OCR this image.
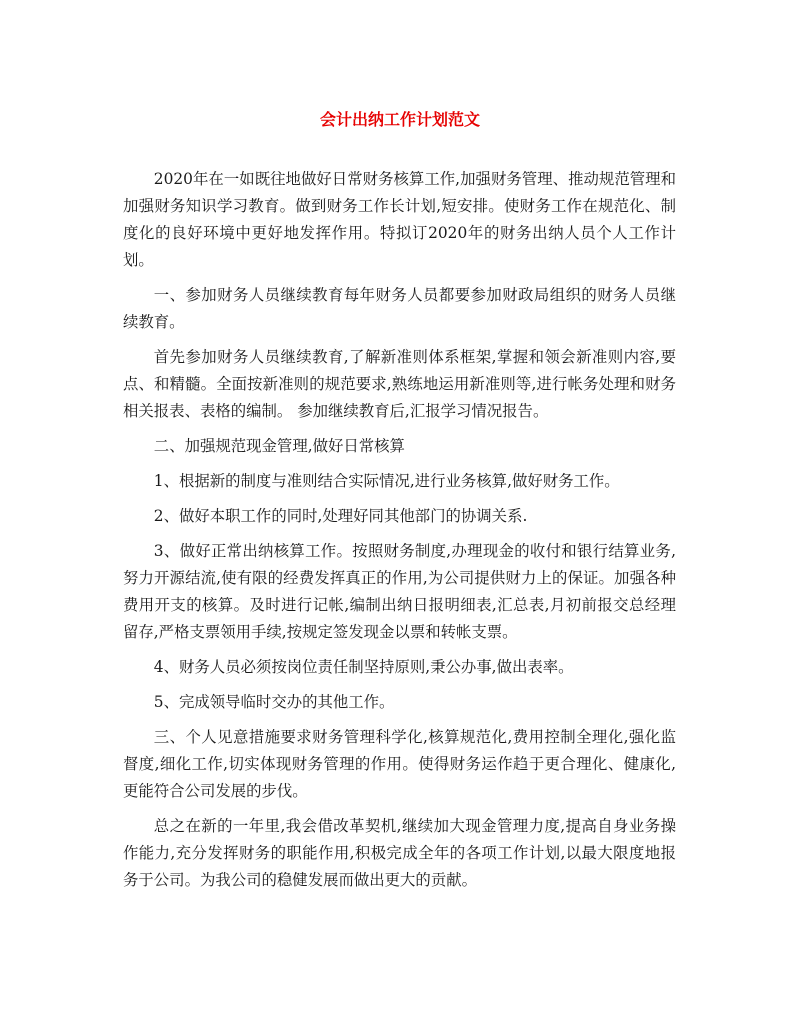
会计出纳工作计划范文

2020年在一如既往地做好日常财务核算工作,加强财务管理、推动规范管理和加强财务知识学习教育。做到财务工作长计划,短安排。使财务工作在规范化、制度化的良好环境中更好地发挥作用。特拟订2020年的财务出纳人员个人工作计划。

一、参加财务人员继续教育每年财务人员都要参加财政局组织的财务人员继续教育。

首先参加财务人员继续教育,了解新准则体系框架,掌握和领会新准则内容,要点、和精髓。全面按新准则的规范要求,熟练地运用新准则等,进行帐务处理和财务相关报表、表格的编制。 参加继续教育后,汇报学习情况报告。

二、加强规范现金管理,做好日常核算

1、根据新的制度与准则结合实际情况,进行业务核算,做好财务工作。

2、做好本职工作的同时,处理好同其他部门的协调关系.

3、做好正常出纳核算工作。按照财务制度,办理现金的收付和银行结算业务,努力开源结流,使有限的经费发挥真正的作用,为公司提供财力上的保证。加强各种费用开支的核算。及时进行记帐,编制出纳日报明细表,汇总表,月初前报交总经理留存,严格支票领用手续,按规定签发现金以票和转帐支票。

4、财务人员必须按岗位责任制坚持原则,秉公办事,做出表率。

5、完成领导临时交办的其他工作。

三、个人见意措施要求财务管理科学化,核算规范化,费用控制全理化,强化监督度,细化工作,切实体现财务管理的作用。使得财务运作趋于更合理化、健康化,更能符合公司发展的步伐。

总之在新的一年里,我会借改革契机,继续加大现金管理力度,提高自身业务操作能力,充分发挥财务的职能作用,积极完成全年的各项工作计划,以最大限度地报务于公司。为我公司的稳健发展而做出更大的贡献。
